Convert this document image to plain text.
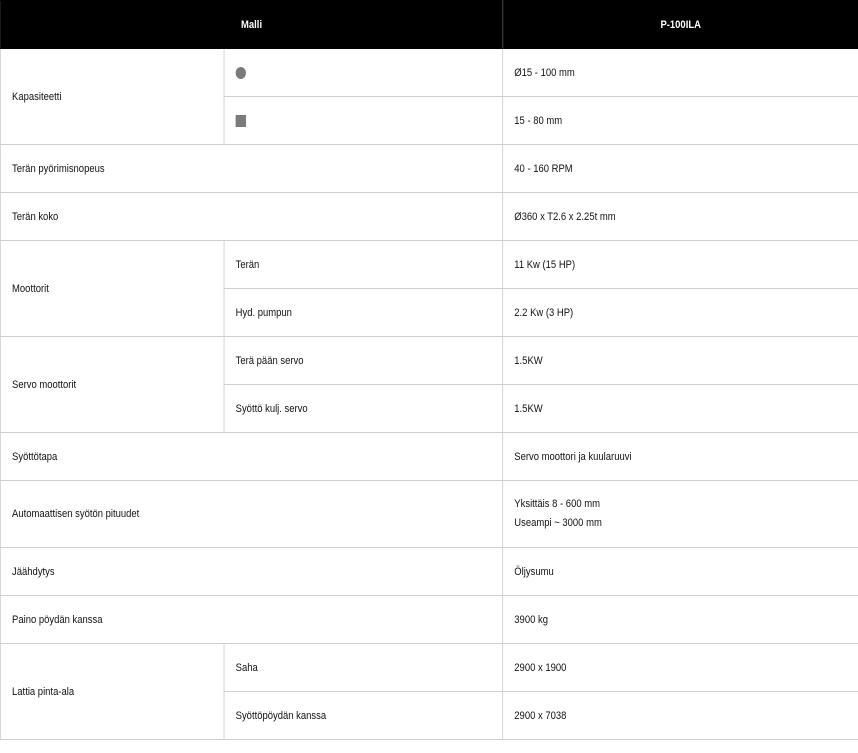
Malli		P-100ILA
Kapasiteetti		Ø15 - 100 mm
		15 - 80 mm
Terän pyörimisnopeus		40 - 160 RPM
Terän koko		Ø360 x T2.6 x 2.25t mm
Moottorit	Terän	11 Kw (15 HP)
	Hyd. pumpun	2.2 Kw (3 HP)
Servo moottorit	Terä pään servo	1.5KW
	Syöttö kulj. servo	1.5KW
Syöttötapa		Servo moottori ja kuularuuvi
Automaattisen syötön pituudet		Yksittäis 8 - 600 mm
Useampi ~ 3000 mm

Jäähdytys		Öljysumu
Paino pöydän kanssa		3900 kg
Lattia pinta-ala	Saha	2900 x 1900
	Syöttöpöydän kanssa	2900 x 7038
